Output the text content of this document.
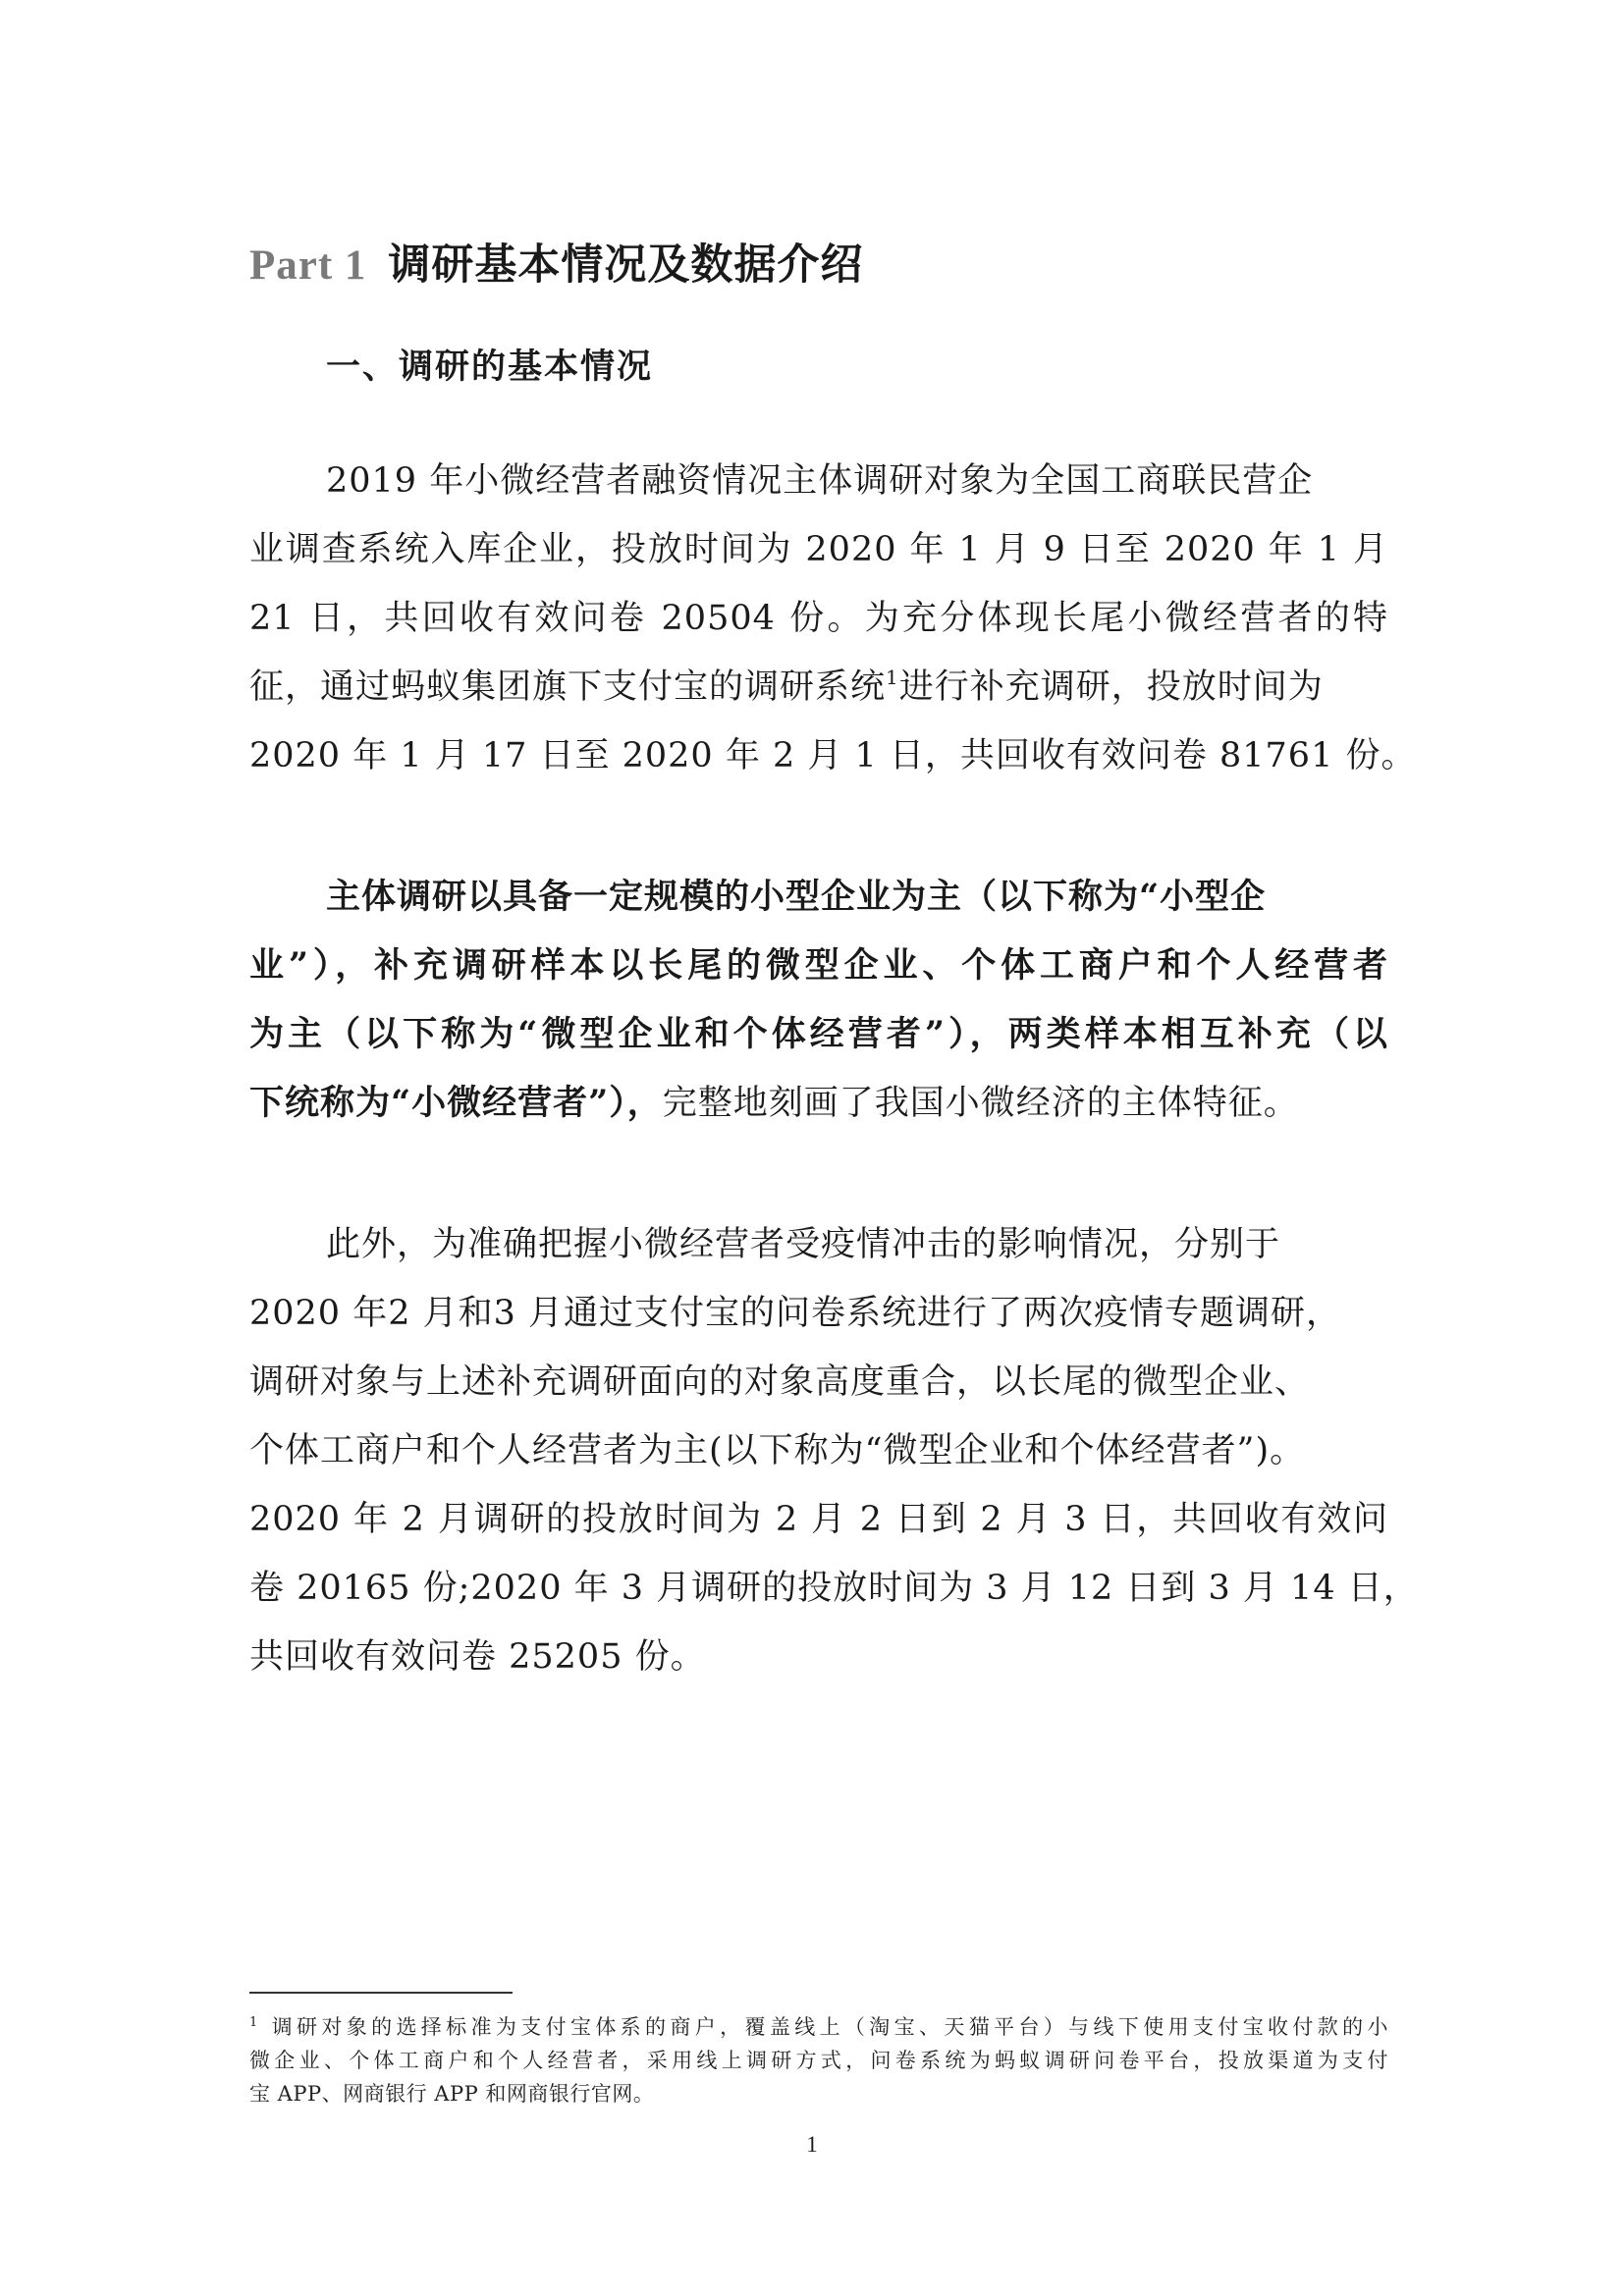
Part 1 调研基本情况及数据介绍
一、调研的基本情况
2019 年小微经营者融资情况主体调研对象为全国工商联民营企
业调查系统入库企业，投放时间为 2020 年 1 月 9 日至 2020 年 1 月
21 日，共回收有效问卷 20504 份。为充分体现长尾小微经营者的特
征，通过蚂蚁集团旗下支付宝的调研系统$^1$进行补充调研，投放时间为
2020 年 1 月 17 日至 2020 年 2 月 1 日，共回收有效问卷 81761 份。
主体调研以具备一定规模的小型企业为主（以下称为“小型企
业”），补充调研样本以长尾的微型企业、个体工商户和个人经营者
为主（以下称为“微型企业和个体经营者”），两类样本相互补充（以
下统称为“小微经营者”），完整地刻画了我国小微经济的主体特征。
此外，为准确把握小微经营者受疫情冲击的影响情况，分别于
2020 年2 月和3 月通过支付宝的问卷系统进行了两次疫情专题调研，
调研对象与上述补充调研面向的对象高度重合，以长尾的微型企业、
个体工商户和个人经营者为主(以下称为“微型企业和个体经营者”)。
2020 年 2 月调研的投放时间为 2 月 2 日到 2 月 3 日，共回收有效问
卷 20165 份;2020 年 3 月调研的投放时间为 3 月 12 日到 3 月 14 日，
共回收有效问卷 25205 份。
$^1$ 调研对象的选择标准为支付宝体系的商户，覆盖线上（淘宝、天猫平台）与线下使用支付宝收付款的小
微企业、个体工商户和个人经营者，采用线上调研方式，问卷系统为蚂蚁调研问卷平台，投放渠道为支付
宝 APP、网商银行 APP 和网商银行官网。
1
